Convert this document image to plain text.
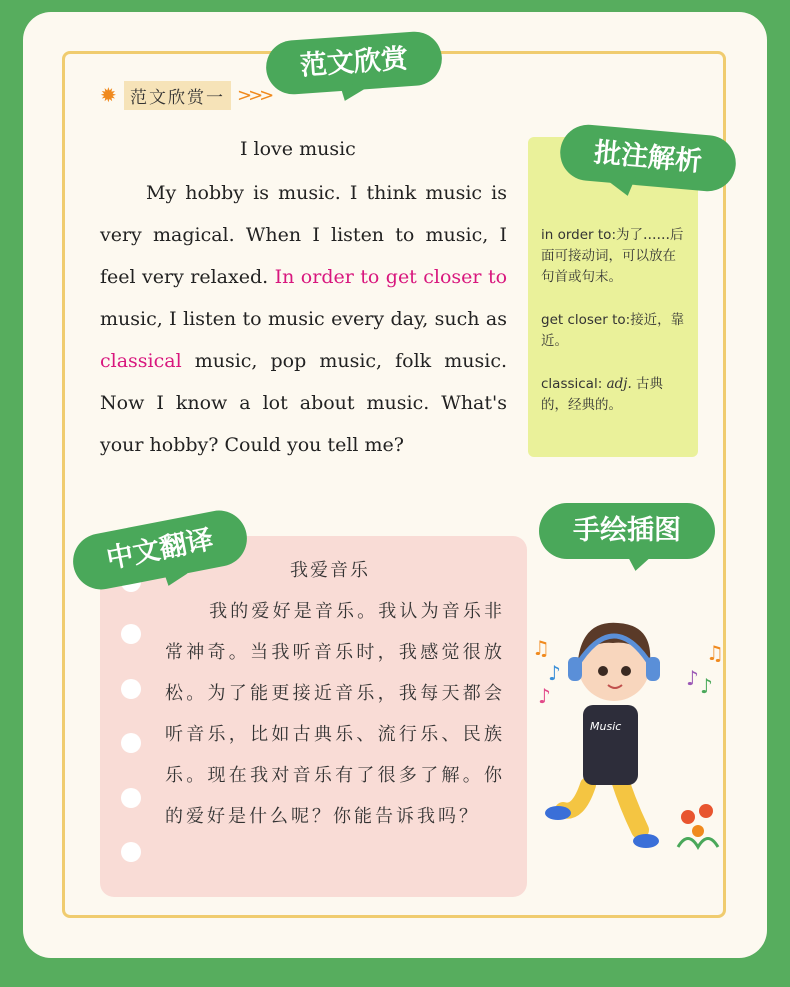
范文欣赏
✹ 范文欣赏一 >>>
I love music
My hobby is music. I think music is very magical. When I listen to music, I feel very relaxed. In order to get closer to music, I listen to music every day, such as classical music, pop music, folk music. Now I know a lot about music. What's your hobby? Could you tell me?

in order to:为了……后面可接动词，可以放在句首或句末。

get closer to:接近，靠近。

classical: adj. 古典的，经典的。

批注解析
我爱音乐
我的爱好是音乐。我认为音乐非常神奇。当我听音乐时，我感觉很放松。为了能更接近音乐，我每天都会听音乐，比如古典乐、流行乐、民族乐。现在我对音乐有了很多了解。你的爱好是什么呢？你能告诉我吗？
中文翻译	手绘插图
♫
♪
♪
♫
♪
♪
Music
